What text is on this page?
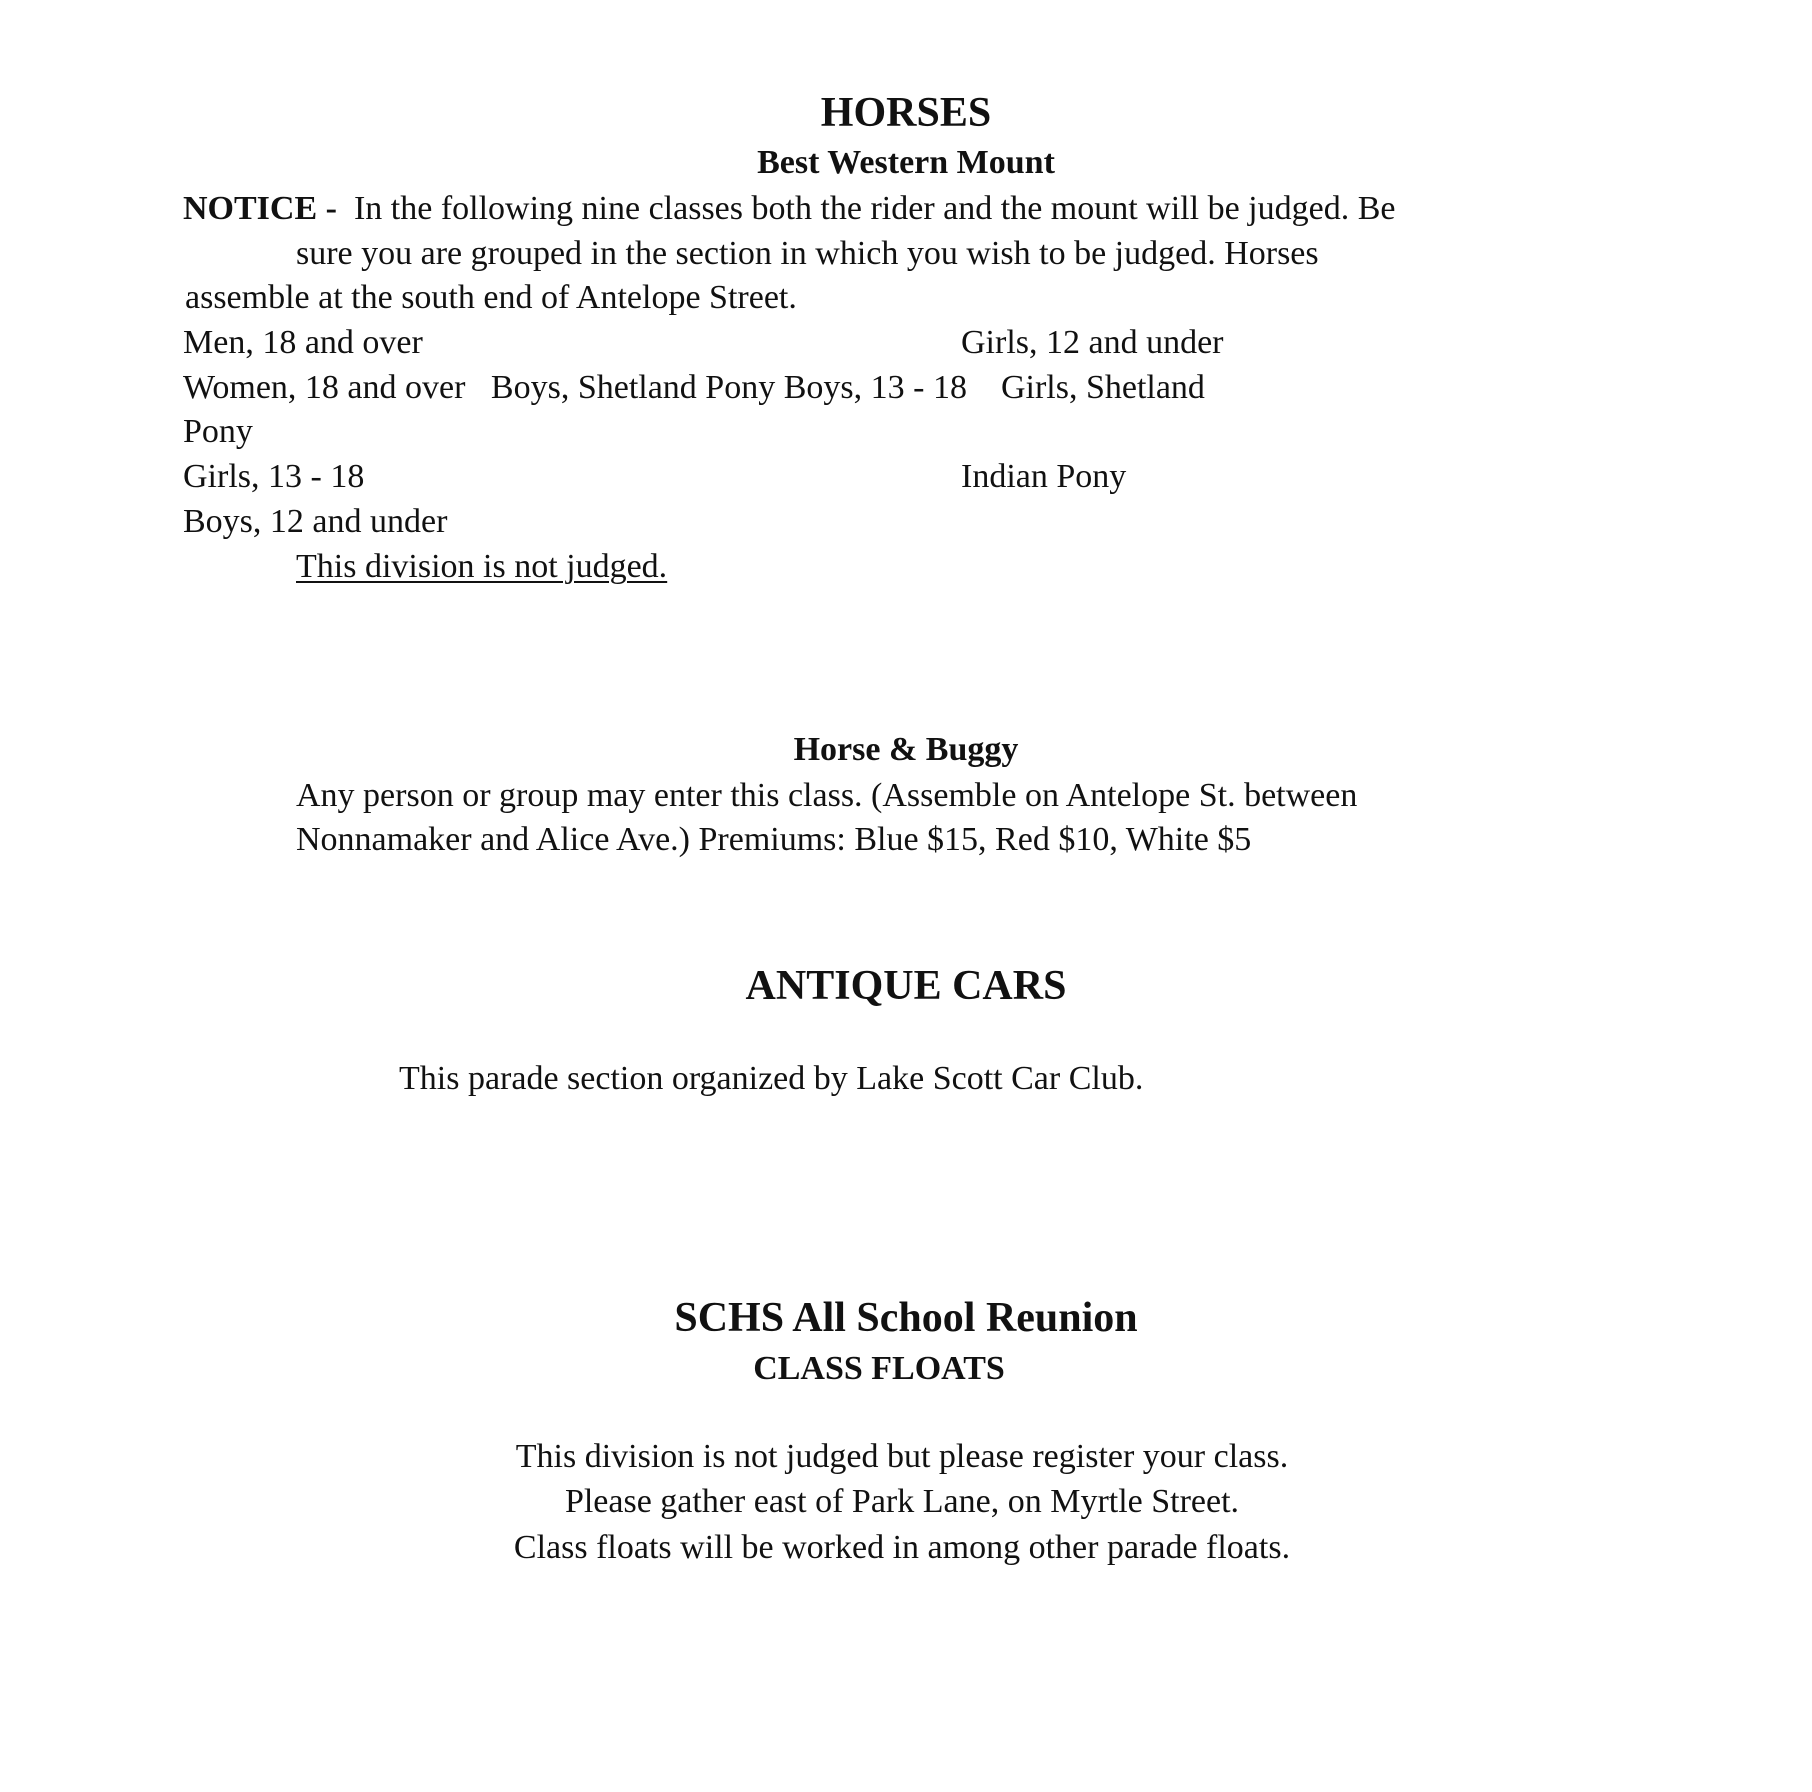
HORSES
Best Western Mount
NOTICE - In the following nine classes both the rider and the mount will be judged. Be
sure you are grouped in the section in which you wish to be judged. Horses
assemble at the south end of Antelope Street.
Men, 18 and over	Girls, 12 and under
Women, 18 and over   Boys, Shetland Pony Boys, 13 - 18    Girls, Shetland
Pony
Girls, 13 - 18	Indian Pony
Boys, 12 and under
This division is not judged.
Horse & Buggy
Any person or group may enter this class. (Assemble on Antelope St. between
Nonnamaker and Alice Ave.) Premiums: Blue $15, Red $10, White $5
ANTIQUE CARS
This parade section organized by Lake Scott Car Club.
SCHS All School Reunion
CLASS FLOATS
This division is not judged but please register your class.
Please gather east of Park Lane, on Myrtle Street.
Class floats will be worked in among other parade floats.
